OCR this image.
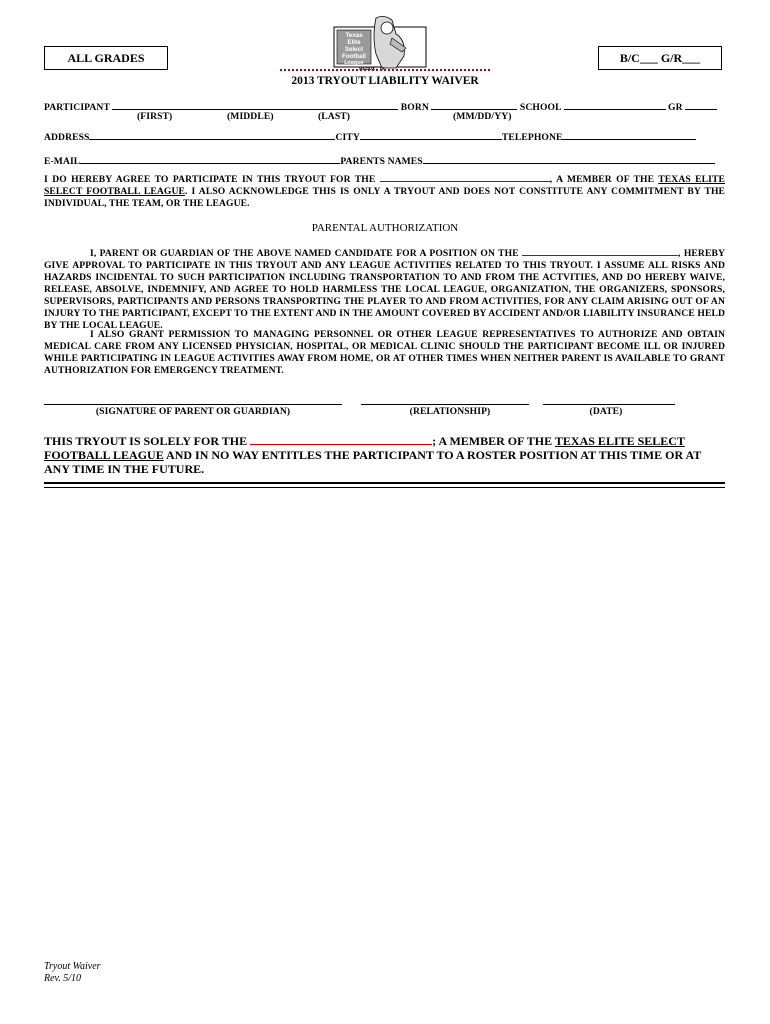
ALL GRADES	B/C___ G/R___
Texas
Elite
Select
Football
League
REDUX · TX
2013 TRYOUT LIABILITY WAIVER
PARTICIPANT	BORN	SCHOOL	GR
(FIRST)	(MIDDLE)	(LAST)	(MM/DD/YY)
ADDRESS	CITY	TELEPHONE
E-MAIL	PARENTS NAMES
I DO HEREBY AGREE TO PARTICIPATE IN THIS TRYOUT FOR THE	, A MEMBER OF THE TEXAS ELITE SELECT FOOTBALL LEAGUE. I ALSO ACKNOWLEDGE THIS IS ONLY A TRYOUT AND DOES NOT CONSTITUTE ANY COMMITMENT BY THE INDIVIDUAL, THE TEAM, OR THE LEAGUE.
PARENTAL AUTHORIZATION
I, PARENT OR GUARDIAN OF THE ABOVE NAMED CANDIDATE FOR A POSITION ON THE	, HEREBY GIVE APPROVAL TO PARTICIPATE IN THIS TRYOUT AND ANY LEAGUE ACTIVITIES RELATED TO THIS TRYOUT. I ASSUME ALL RISKS AND HAZARDS INCIDENTAL TO SUCH PARTICIPATION INCLUDING TRANSPORTATION TO AND FROM THE ACTVITIES, AND DO HEREBY WAIVE, RELEASE, ABSOLVE, INDEMNIFY, AND AGREE TO HOLD HARMLESS THE LOCAL LEAGUE, ORGANIZATION, THE ORGANIZERS, SPONSORS, SUPERVISORS, PARTICIPANTS AND PERSONS TRANSPORTING THE PLAYER TO AND FROM ACTIVITIES, FOR ANY CLAIM ARISING OUT OF AN INJURY TO THE PARTICIPANT, EXCEPT TO THE EXTENT AND IN THE AMOUNT COVERED BY ACCIDENT AND/OR LIABILITY INSURANCE HELD BY THE LOCAL LEAGUE.
I ALSO GRANT PERMISSION TO MANAGING PERSONNEL OR OTHER LEAGUE REPRESENTATIVES TO AUTHORIZE AND OBTAIN MEDICAL CARE FROM ANY LICENSED PHYSICIAN, HOSPITAL, OR MEDICAL CLINIC SHOULD THE PARTICIPANT BECOME ILL OR INJURED WHILE PARTICIPATING IN LEAGUE ACTIVITIES AWAY FROM HOME, OR AT OTHER TIMES WHEN NEITHER PARENT IS AVAILABLE TO GRANT AUTHORIZATION FOR EMERGENCY TREATMENT.
(SIGNATURE OF PARENT OR GUARDIAN)	(RELATIONSHIP)	(DATE)
THIS TRYOUT IS SOLELY FOR THE	; A MEMBER OF THE TEXAS ELITE SELECT FOOTBALL LEAGUE AND IN NO WAY ENTITLES THE PARTICIPANT TO A ROSTER POSITION AT THIS TIME OR AT ANY TIME IN THE FUTURE.
Tryout Waiver
Rev. 5/10
